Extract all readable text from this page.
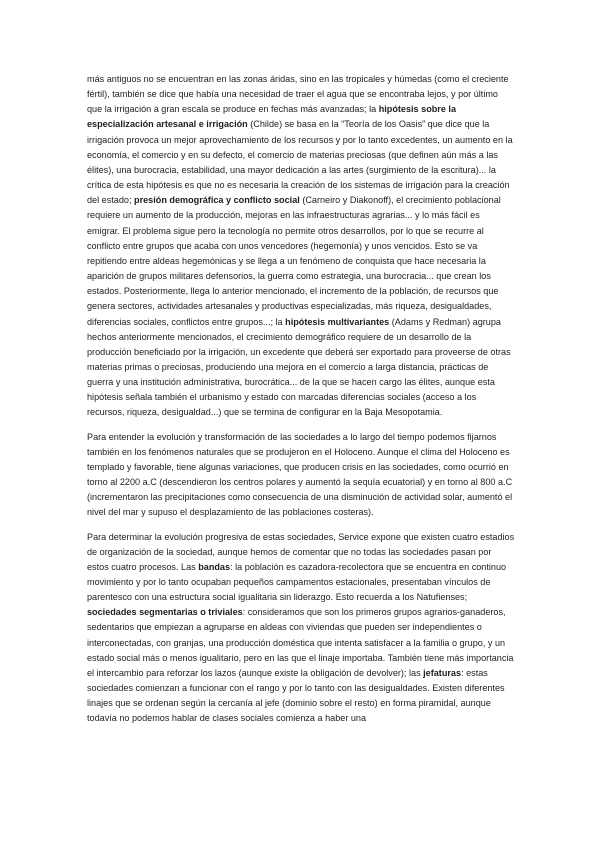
más antiguos no se encuentran en las zonas áridas, sino en las tropicales y húmedas (como el creciente fértil), también se dice que había una necesidad de traer el agua que se encontraba lejos, y por último que la irrigación a gran escala se produce en fechas más avanzadas; la hipótesis sobre la especialización artesanal e irrigación (Childe) se basa en la “Teoría de los Oasis” que dice que la irrigación provoca un mejor aprovechamiento de los recursos y por lo tanto excedentes, un aumento en la economía, el comercio y en su defecto, el comercio de materias preciosas (que definen aún más a las élites), una burocracia, estabilidad, una mayor dedicación a las artes (surgimiento de la escritura)... la crítica de esta hipótesis es que no es necesaria la creación de los sistemas de irrigación para la creación del estado; presión demográfica y conflicto social (Carneiro y Diakonoff), el crecimiento poblacional requiere un aumento de la producción, mejoras en las infraestructuras agrarias... y lo más fácil es emigrar. El problema sigue pero la tecnología no permite otros desarrollos, por lo que se recurre al conflicto entre grupos que acaba con unos vencedores (hegemonía) y unos vencidos. Esto se va repitiendo entre aldeas hegemónicas y se llega a un fenómeno de conquista que hace necesaria la aparición de grupos militares defensorios, la guerra como estrategia, una burocracia... que crean los estados. Posteriormente, llega lo anterior mencionado, el incremento de la población, de recursos que genera sectores, actividades artesanales y productivas especializadas, más riqueza, desigualdades, diferencias sociales, conflictos entre grupos...; la hipótesis multivariantes (Adams y Redman) agrupa hechos anteriormente mencionados, el crecimiento demográfico requiere de un desarrollo de la producción beneficiado por la irrigación, un excedente que deberá ser exportado para proveerse de otras materias primas o preciosas, produciendo una mejora en el comercio a larga distancia, prácticas de guerra y una institución administrativa, burocrática... de la que se hacen cargo las élites, aunque esta hipótesis señala también el urbanismo y estado con marcadas diferencias sociales (acceso a los recursos, riqueza, desigualdad...) que se termina de configurar en la Baja Mesopotamia.

Para entender la evolución y transformación de las sociedades a lo largo del tiempo podemos fijarnos también en los fenómenos naturales que se produjeron en el Holoceno. Aunque el clima del Holoceno es templado y favorable, tiene algunas variaciones, que producen crisis en las sociedades, como ocurrió en torno al 2200 a.C (descendieron los centros polares y aumentó la sequía ecuatorial) y en torno al 800 a.C (incrementaron las precipitaciones como consecuencia de una disminución de actividad solar, aumentó el nivel del mar y supuso el desplazamiento de las poblaciones costeras).

Para determinar la evolución progresiva de estas sociedades, Service expone que existen cuatro estadios de organización de la sociedad, aunque hemos de comentar que no todas las sociedades pasan por estos cuatro procesos. Las bandas: la población es cazadora-recolectora que se encuentra en continuo movimiento y por lo tanto ocupaban pequeños campamentos estacionales, presentaban vínculos de parentesco con una estructura social igualitaria sin liderazgo. Esto recuerda a los Natufienses; sociedades segmentarias o triviales: consideramos que son los primeros grupos agrarios-ganaderos, sedentarios que empiezan a agruparse en aldeas con viviendas que pueden ser independientes o interconectadas, con granjas, una producción doméstica que intenta satisfacer a la familia o grupo, y un estado social más o menos igualitario, pero en las que el linaje importaba. También tiene más importancia el intercambio para reforzar los lazos (aunque existe la obligación de devolver); las jefaturas: estas sociedades comienzan a funcionar con el rango y por lo tanto con las desigualdades. Existen diferentes linajes que se ordenan según la cercanía al jefe (dominio sobre el resto) en forma piramidal, aunque todavía no podemos hablar de clases sociales comienza a haber una
